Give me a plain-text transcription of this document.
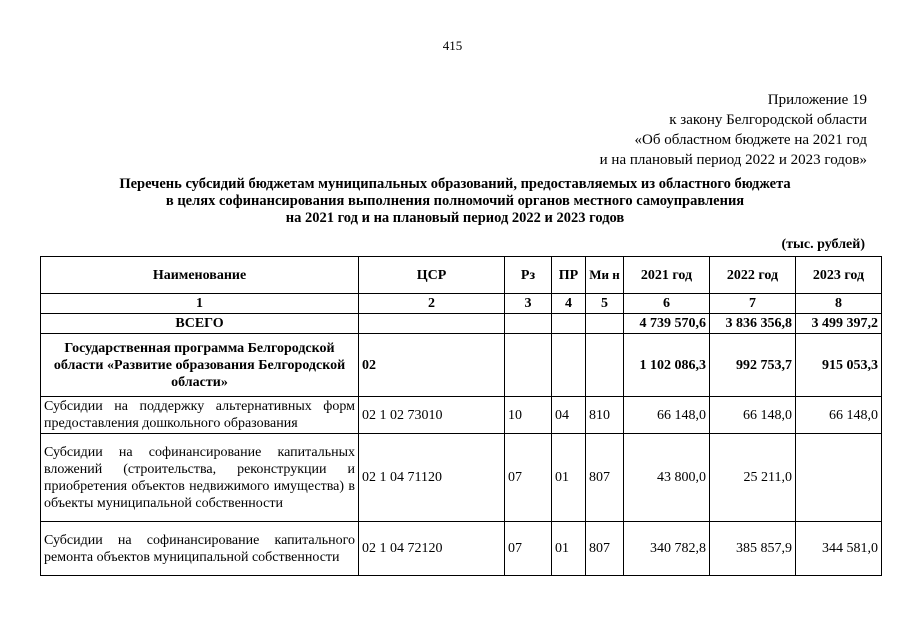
415
Приложение 19
к закону Белгородской области
«Об областном бюджете на 2021 год
и на плановый период 2022 и 2023 годов»
Перечень субсидий бюджетам муниципальных образований, предоставляемых из областного бюджета
в целях софинансирования выполнения полномочий органов местного самоуправления
на 2021 год и на плановый период 2022 и 2023 годов
(тыс. рублей)
Наименование	ЦСР	Рз	ПР	Ми н	2021 год	2022 год	2023 год
1	2	3	4	5	6	7	8
ВСЕГО					4 739 570,6	3 836 356,8	3 499 397,2
Государственная программа Белгородской области «Развитие образования Белгородской области»	02				1 102 086,3	992 753,7	915 053,3
Субсидии на поддержку альтернативных форм предоставления дошкольного образования	02 1 02 73010	10	04	810	66 148,0	66 148,0	66 148,0
Субсидии на софинансирование капитальных вложений (строительства, реконструкции и приобретения объектов недвижимого имущества) в объекты муниципальной собственности	02 1 04 71120	07	01	807	43 800,0	25 211,0	
Субсидии на софинансирование капитального ремонта объектов муниципальной собственности	02 1 04 72120	07	01	807	340 782,8	385 857,9	344 581,0
